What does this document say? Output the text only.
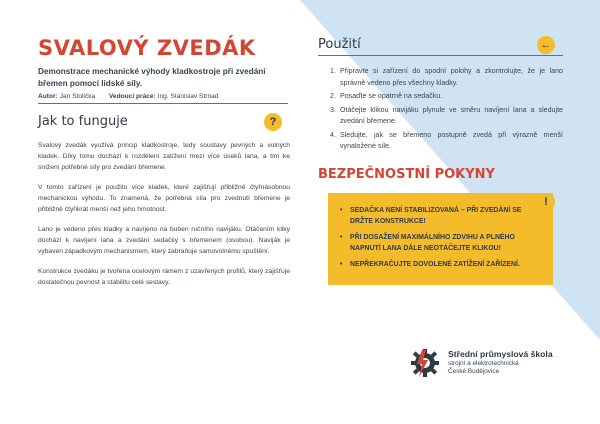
SVALOVÝ ZVEDÁK
Demonstrace mechanické výhody kladkostroje při zvedání břemen pomocí lidské síly.
Autor: Jan Stolička Vedoucí práce: Ing. Stanislav Strnad
Jak to funguje	?

Svalový zvedák využívá princip kladkostroje, tedy soustavy pevných a volných kladek. Díky tomu dochází k rozdělení zatížení mezi více úseků lana, a tím ke snížení potřebné síly pro zvedání břemene.

V tomto zařízení je použito více kladek, které zajišťují přibližně čtyřnásobnou mechanickou výhodu. To znamená, že potřebná síla pro zvednutí břemene je přibližně čtyřikrát menší než jeho hmotnost.

Lano je vedeno přes kladky a navíjeno na buben ručního navijáku. Otáčením kliky dochází k navíjení lana a zvedání sedačky s břemenem (osobou). Naviják je vybaven západkovým mechanismem, který zabraňuje samovolnému spuštění.

Konstrukce zvedáku je tvořena ocelovým rámem z uzavřených profilů, který zajišťuje dostatečnou pevnost a stabilitu celé sestavy.

Použití	←
1. Připravte si zařízení do spodní polohy a zkontrolujte, že je lano správně vedeno přes všechny kladky.
2. Posaďte se opatrně na sedačku.
3. Otáčejte klikou navijáku plynule ve směru navíjení lana a sledujte zvedání břemene.
4. Sledujte, jak se břemeno postupně zvedá při výrazně menší vynaložené síle.
BEZPEČNOSTNÍ POKYNY
!
•	SEDAČKA NENÍ STABILIZOVANÁ – PŘI ZVEDÁNÍ SE DRŽTE KONSTRUKCE!
•	PŘI DOSAŽENÍ MAXIMÁLNÍHO ZDVIHU A PLNÉHO NAPNUTÍ LANA DÁLE NEOTÁČEJTE KLIKOU!
•	NEPŘEKRAČUJTE DOVOLENÉ ZATÍŽENÍ ZAŘÍZENÍ.
Střední průmyslová škola
strojní a elektrotechnická
České Budějovice
